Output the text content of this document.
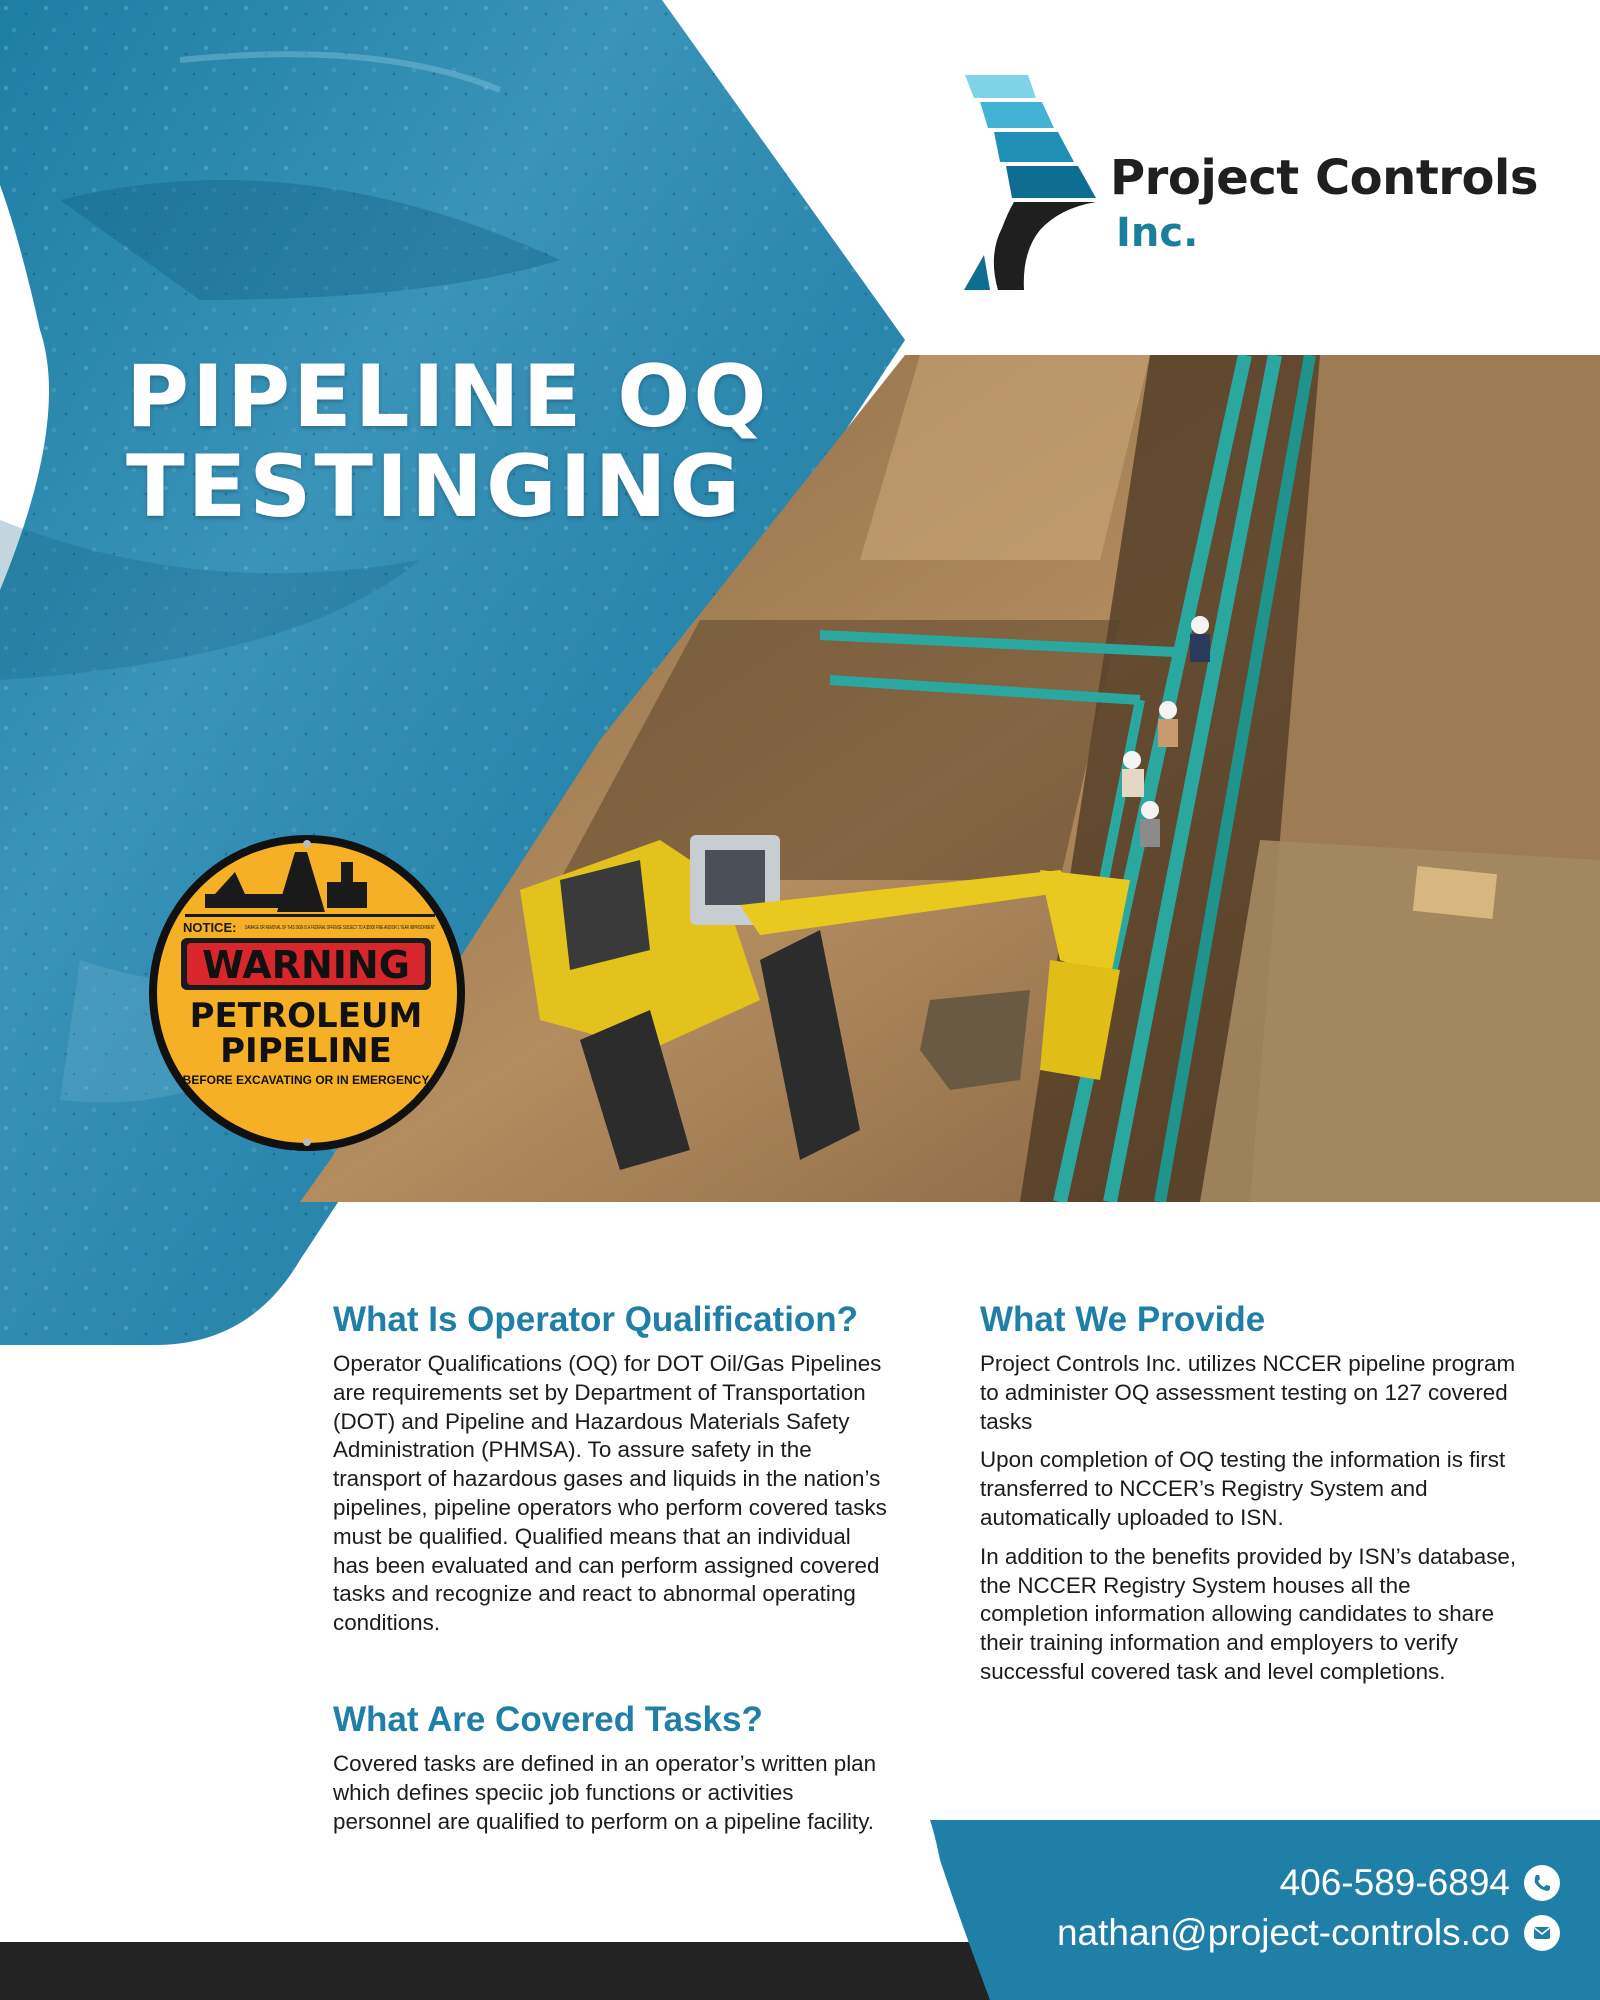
PIPELINE OQ
TESTINGING
Project Controls
Inc.
NOTICE: DAMAGE OR REMOVAL OF THIS SIGN IS A FEDERAL OFFENSE SUBJECT TO A $5000 FINE AND/OR 1 YEAR IMPRISONMENT
WARNING
PETROLEUM
PIPELINE
BEFORE EXCAVATING OR IN EMERGENCY
What Is Operator Qualification?

Operator Qualifications (OQ) for DOT Oil/Gas Pipelines are requirements set by Department of Transportation (DOT) and Pipeline and Hazardous Materials Safety Administration (PHMSA). To assure safety in the transport of hazardous gases and liquids in the nation’s pipelines, pipeline operators who perform covered tasks must be qualified. Qualified means that an individual has been evaluated and can perform assigned covered tasks and recognize and react to abnormal operating conditions.

What Are Covered Tasks?

Covered tasks are defined in an operator’s written plan which defines speciic job functions or activities personnel are qualified to perform on a pipeline facility.

What We Provide

Project Controls Inc. utilizes NCCER pipeline program to administer OQ assessment testing on 127 covered tasks

Upon completion of OQ testing the information is first transferred to NCCER’s Registry System and automatically uploaded to ISN.

In addition to the benefits provided by ISN’s database, the NCCER Registry System houses all the completion information allowing candidates to share their training information and employers to verify successful covered task and level completions.

406-589-6894
nathan@project-controls.co
